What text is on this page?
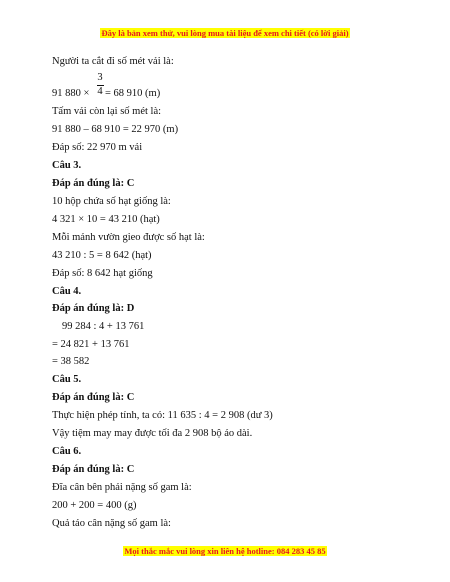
Đây là bản xem thử, vui lòng mua tài liệu để xem chi tiết (có lời giải)
Người ta cắt đi số mét vải là:
3
4
91 880 × = 68 910 (m)
Tấm vải còn lại số mét là:
91 880 – 68 910 = 22 970 (m)
Đáp số: 22 970 m vải
Câu 3.
Đáp án đúng là: C
10 hộp chứa số hạt giống là:
4 321 × 10 = 43 210 (hạt)
Mỗi mảnh vườn gieo được số hạt là:
43 210 : 5 = 8 642 (hạt)
Đáp số: 8 642 hạt giống
Câu 4.
Đáp án đúng là: D
99 284 : 4 + 13 761
= 24 821 + 13 761
= 38 582
Câu 5.
Đáp án đúng là: C
Thực hiện phép tính, ta có: 11 635 : 4 = 2 908 (dư 3)
Vậy tiệm may may được tối đa 2 908 bộ áo dài.
Câu 6.
Đáp án đúng là: C
Đĩa cân bên phải nặng số gam là:
200 + 200 = 400 (g)
Quả táo cân nặng số gam là:
Mọi thắc mắc vui lòng xin liên hệ hotline: 084 283 45 85
